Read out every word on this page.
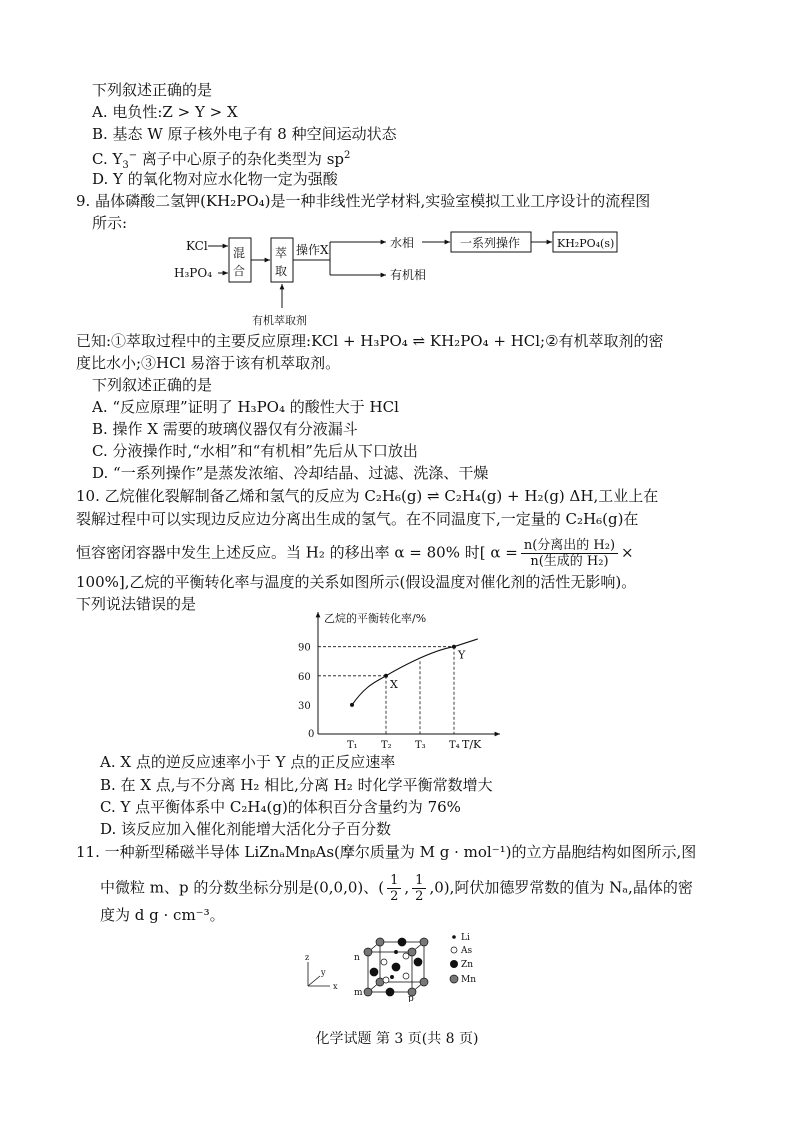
下列叙述正确的是
A. 电负性:Z > Y > X
B. 基态 W 原子核外电子有 8 种空间运动状态
C. $Y_3^-$ 离子中心原子的杂化类型为 $sp^2$
D. Y 的氧化物对应水化物一定为强酸
9. 晶体磷酸二氢钾(KH₂PO₄)是一种非线性光学材料,实验室模拟工业工序设计的流程图
所示:
KCl
H₃PO₄
混
合
萃
取
有机萃取剂
操作X	水相
有机相
一系列操作	KH₂PO₄(s)
已知:①萃取过程中的主要反应原理:KCl + H₃PO₄ ⇌ KH₂PO₄ + HCl;②有机萃取剂的密
度比水小;③HCl 易溶于该有机萃取剂。
下列叙述正确的是
A. “反应原理”证明了 H₃PO₄ 的酸性大于 HCl
B. 操作 X 需要的玻璃仪器仅有分液漏斗
C. 分液操作时,“水相”和“有机相”先后从下口放出
D. “一系列操作”是蒸发浓缩、冷却结晶、过滤、洗涤、干燥
10. 乙烷催化裂解制备乙烯和氢气的反应为 C₂H₆(g) ⇌ C₂H₄(g) + H₂(g) ΔH,工业上在
裂解过程中可以实现边反应边分离出生成的氢气。在不同温度下,一定量的 C₂H₆(g)在
恒容密闭容器中发生上述反应。当 H₂ 的移出率 α = 80% 时[ $\alpha = \frac{\text{n(分离出的 H₂)}}{\text{n(生成的 H₂)}}$ ×
100%],乙烷的平衡转化率与温度的关系如图所示(假设温度对催化剂的活性无影响)。
下列说法错误的是
乙烷的平衡转化率/%
T/K
0
30
60
90
T₁ T₂ T₃ T₄
X
Y
A. X 点的逆反应速率小于 Y 点的正反应速率
B. 在 X 点,与不分离 H₂ 相比,分离 H₂ 时化学平衡常数增大
C. Y 点平衡体系中 C₂H₄(g)的体积百分含量约为 76%
D. 该反应加入催化剂能增大活化分子百分数
11. 一种新型稀磁半导体 LiZnₐMnᵦAs(摩尔质量为 M g · mol⁻¹)的立方晶胞结构如图所示,图
中微粒 m、p 的分数坐标分别是(0,0,0)、( $\frac{1}{2}$ , $\frac{1}{2} ,0$),阿伏加德罗常数的值为 Nₐ,晶体的密
度为 d g · cm⁻³。
z
x
y
n
m
p
Li
As
Zn
Mn
化学试题 第 3 页(共 8 页)
